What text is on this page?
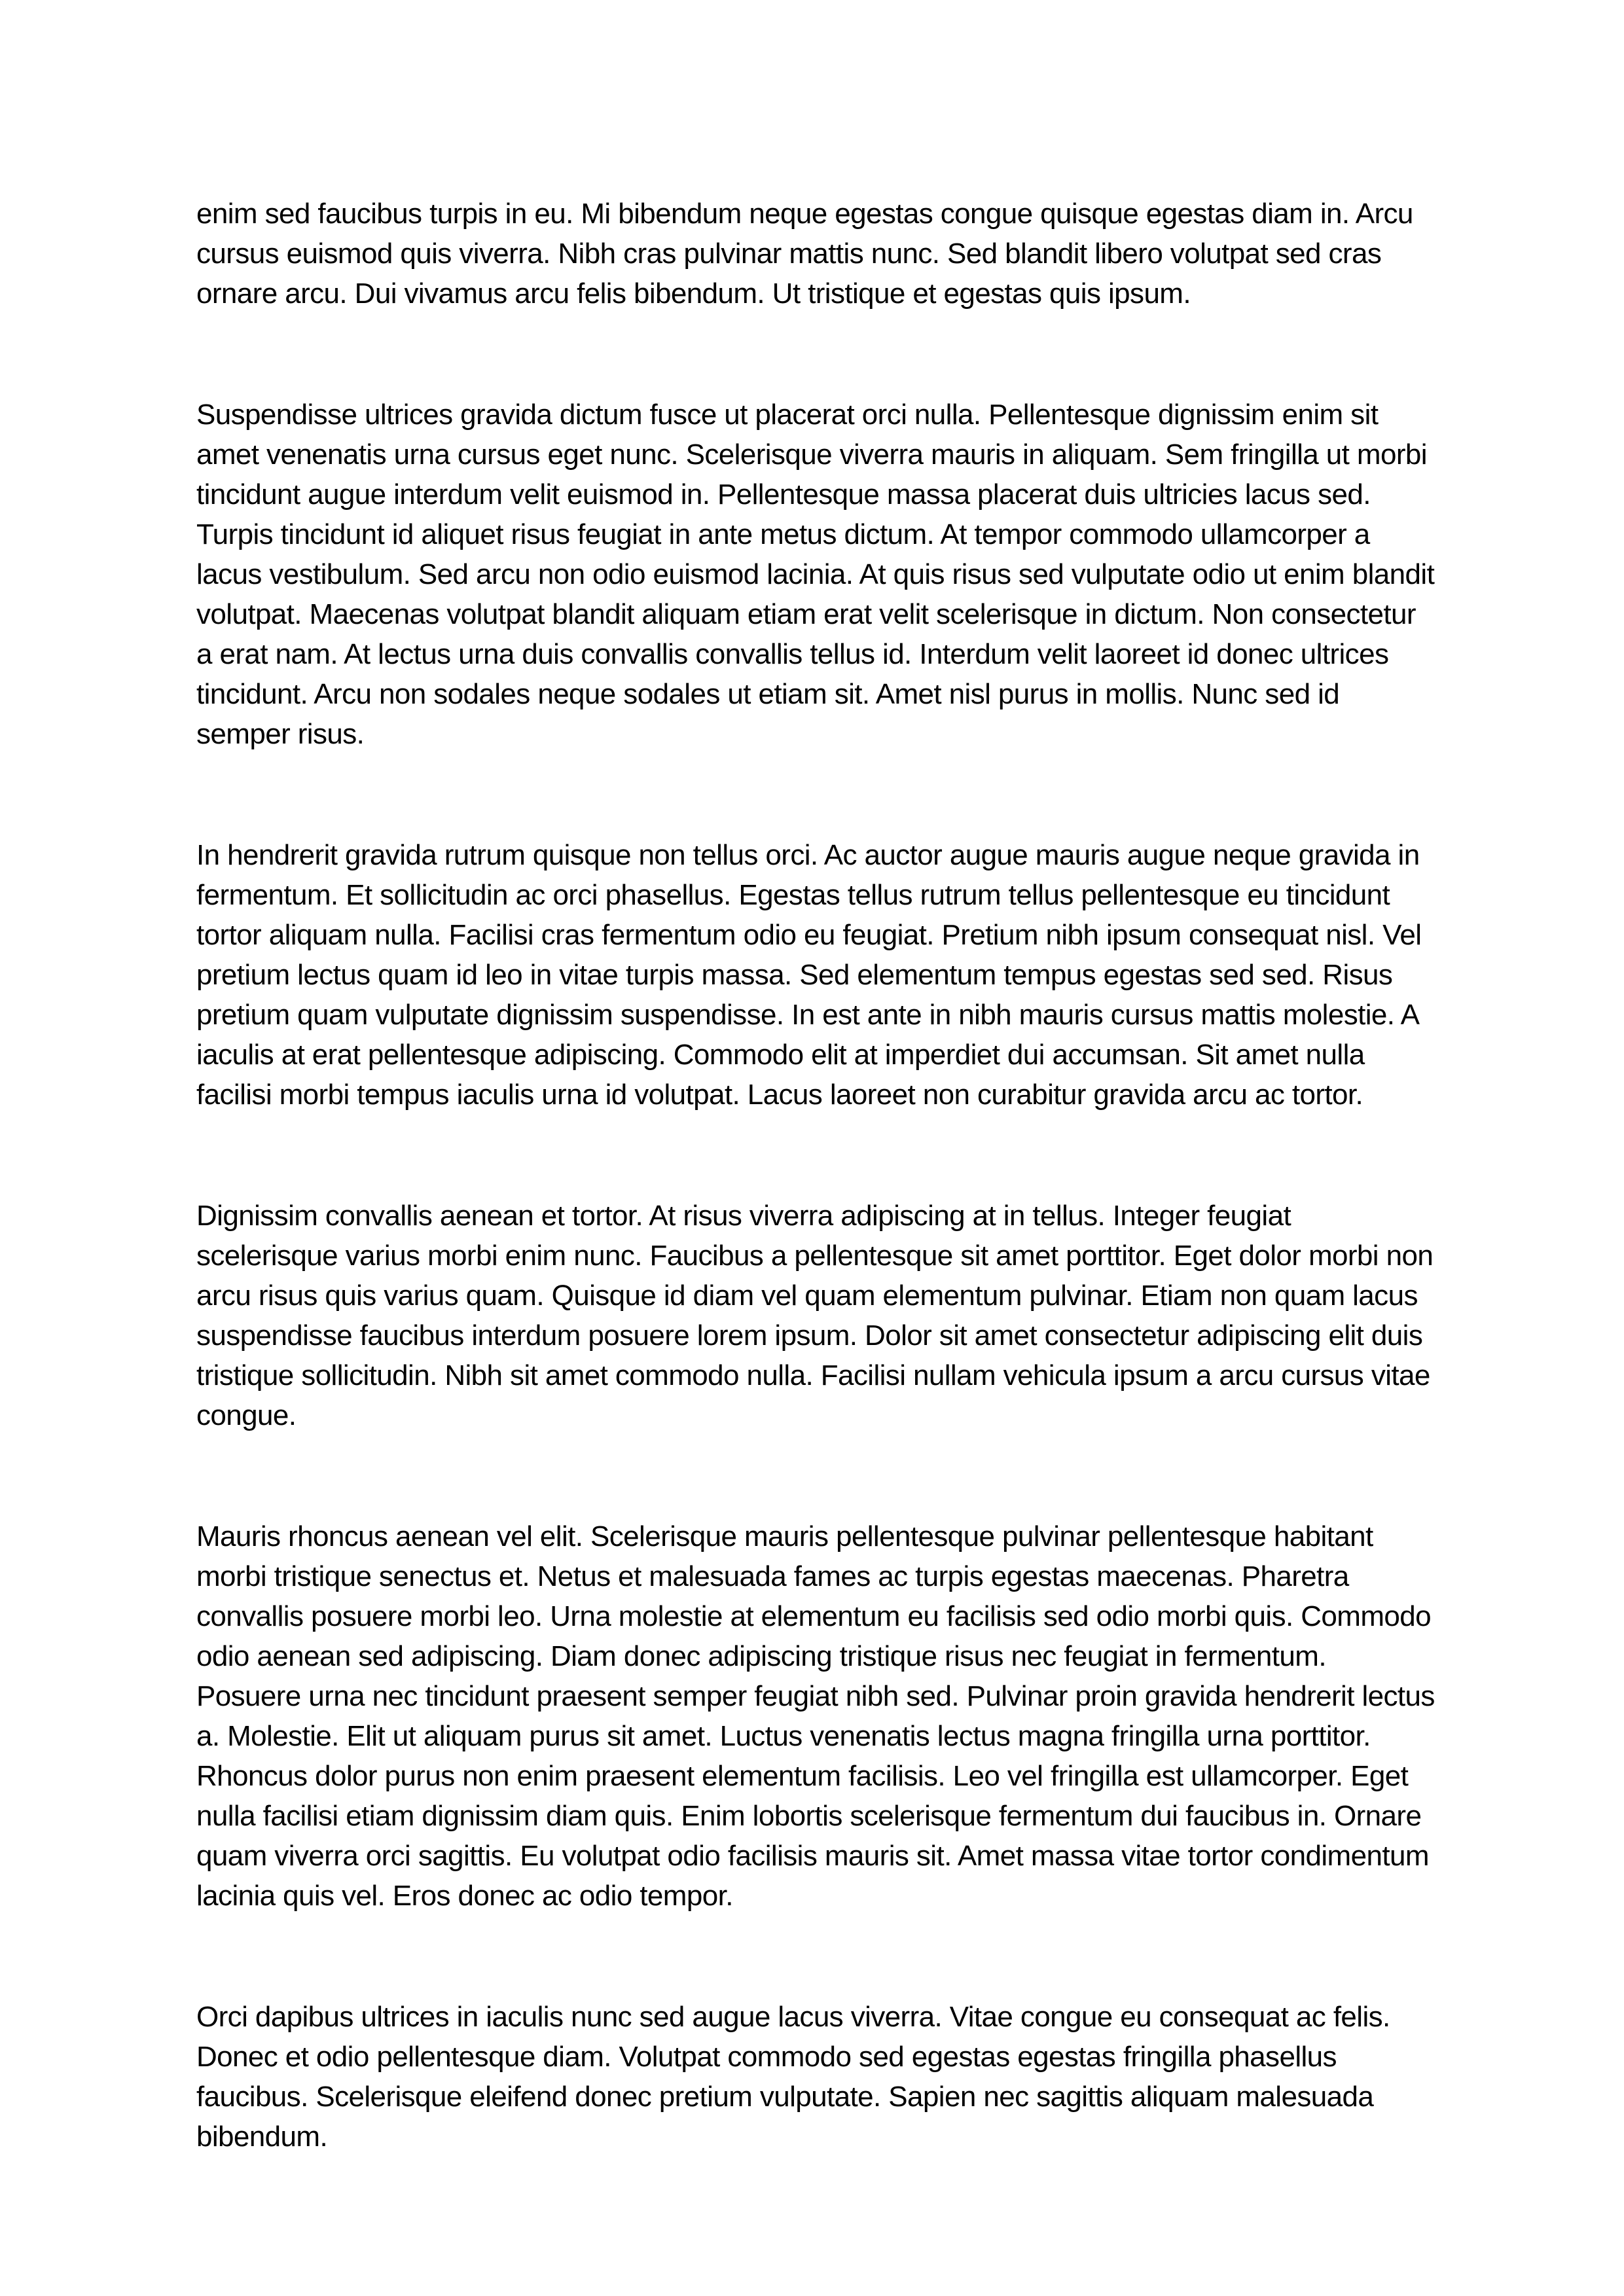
enim sed faucibus turpis in eu. Mi bibendum neque egestas congue quisque egestas diam in. Arcu cursus euismod quis viverra. Nibh cras pulvinar mattis nunc. Sed blandit libero volutpat sed cras ornare arcu. Dui vivamus arcu felis bibendum. Ut tristique et egestas quis ipsum.

Suspendisse ultrices gravida dictum fusce ut placerat orci nulla. Pellentesque dignissim enim sit amet venenatis urna cursus eget nunc. Scelerisque viverra mauris in aliquam. Sem fringilla ut morbi tincidunt augue interdum velit euismod in. Pellentesque massa placerat duis ultricies lacus sed. Turpis tincidunt id aliquet risus feugiat in ante metus dictum. At tempor commodo ullamcorper a lacus vestibulum. Sed arcu non odio euismod lacinia. At quis risus sed vulputate odio ut enim blandit volutpat. Maecenas volutpat blandit aliquam etiam erat velit scelerisque in dictum. Non consectetur a erat nam. At lectus urna duis convallis convallis tellus id. Interdum velit laoreet id donec ultrices tincidunt. Arcu non sodales neque sodales ut etiam sit. Amet nisl purus in mollis. Nunc sed id semper risus.

In hendrerit gravida rutrum quisque non tellus orci. Ac auctor augue mauris augue neque gravida in fermentum. Et sollicitudin ac orci phasellus. Egestas tellus rutrum tellus pellentesque eu tincidunt tortor aliquam nulla. Facilisi cras fermentum odio eu feugiat. Pretium nibh ipsum consequat nisl. Vel pretium lectus quam id leo in vitae turpis massa. Sed elementum tempus egestas sed sed. Risus pretium quam vulputate dignissim suspendisse. In est ante in nibh mauris cursus mattis molestie. A iaculis at erat pellentesque adipiscing. Commodo elit at imperdiet dui accumsan. Sit amet nulla facilisi morbi tempus iaculis urna id volutpat. Lacus laoreet non curabitur gravida arcu ac tortor.

Dignissim convallis aenean et tortor. At risus viverra adipiscing at in tellus. Integer feugiat scelerisque varius morbi enim nunc. Faucibus a pellentesque sit amet porttitor. Eget dolor morbi non arcu risus quis varius quam. Quisque id diam vel quam elementum pulvinar. Etiam non quam lacus suspendisse faucibus interdum posuere lorem ipsum. Dolor sit amet consectetur adipiscing elit duis tristique sollicitudin. Nibh sit amet commodo nulla. Facilisi nullam vehicula ipsum a arcu cursus vitae congue.

Mauris rhoncus aenean vel elit. Scelerisque mauris pellentesque pulvinar pellentesque habitant morbi tristique senectus et. Netus et malesuada fames ac turpis egestas maecenas. Pharetra convallis posuere morbi leo. Urna molestie at elementum eu facilisis sed odio morbi quis. Commodo odio aenean sed adipiscing. Diam donec adipiscing tristique risus nec feugiat in fermentum. Posuere urna nec tincidunt praesent semper feugiat nibh sed. Pulvinar proin gravida hendrerit lectus a. Molestie. Elit ut aliquam purus sit amet. Luctus venenatis lectus magna fringilla urna porttitor. Rhoncus dolor purus non enim praesent elementum facilisis. Leo vel fringilla est ullamcorper. Eget nulla facilisi etiam dignissim diam quis. Enim lobortis scelerisque fermentum dui faucibus in. Ornare quam viverra orci sagittis. Eu volutpat odio facilisis mauris sit. Amet massa vitae tortor condimentum lacinia quis vel. Eros donec ac odio tempor.

Orci dapibus ultrices in iaculis nunc sed augue lacus viverra. Vitae congue eu consequat ac felis. Donec et odio pellentesque diam. Volutpat commodo sed egestas egestas fringilla phasellus faucibus. Scelerisque eleifend donec pretium vulputate. Sapien nec sagittis aliquam malesuada bibendum.
